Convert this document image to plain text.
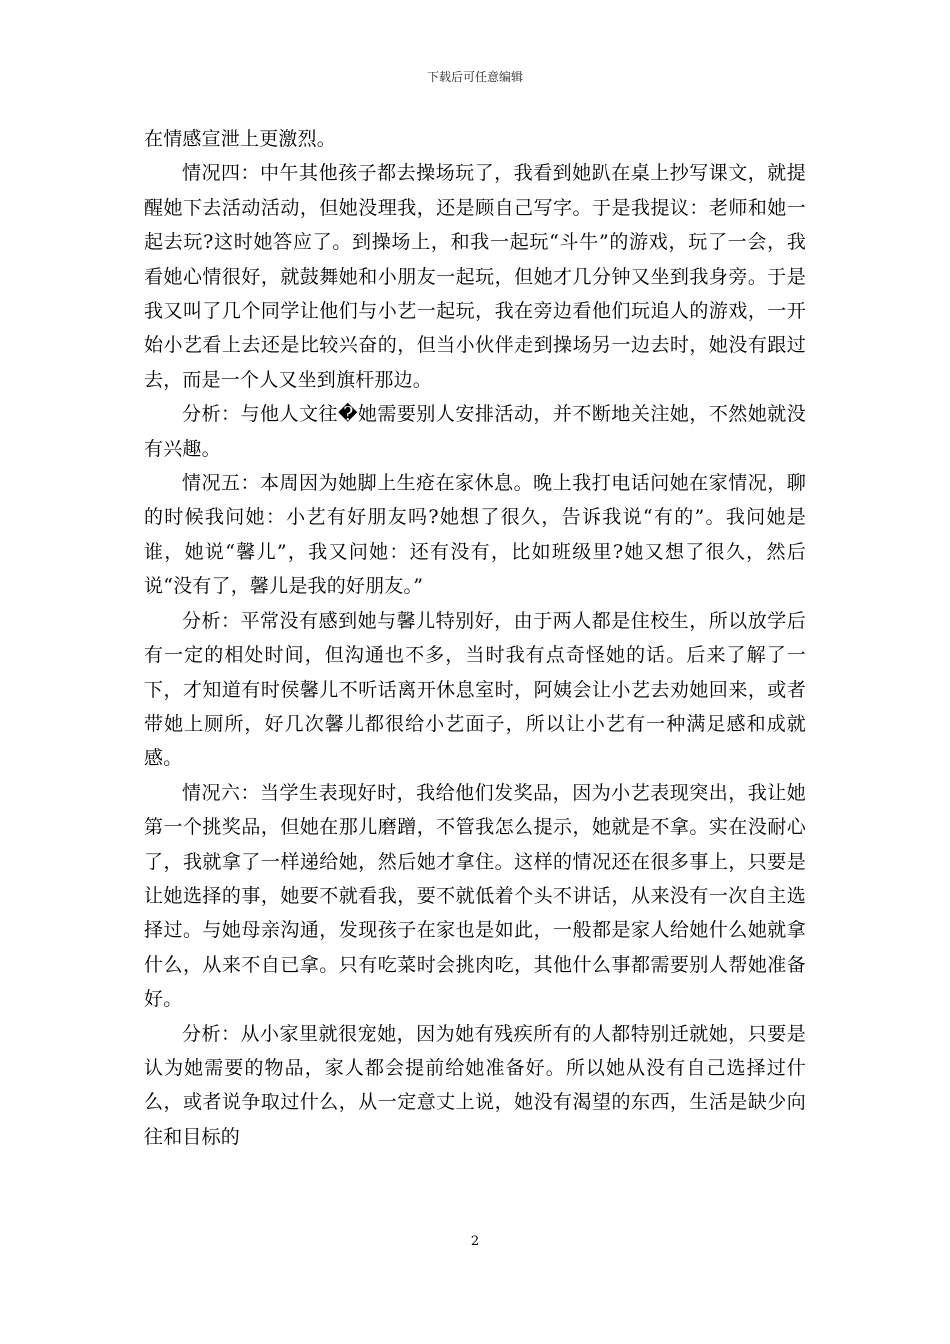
下载后可任意编辑

在情感宣泄上更激烈。

情况四：中午其他孩子都去操场玩了，我看到她趴在桌上抄写课文，就提醒她下去活动活动，但她没理我，还是顾自己写字。于是我提议：老师和她一起去玩?这时她答应了。到操场上，和我一起玩“斗牛”的游戏，玩了一会，我看她心情很好，就鼓舞她和小朋友一起玩，但她才几分钟又坐到我身旁。于是我又叫了几个同学让他们与小艺一起玩，我在旁边看他们玩追人的游戏，一开始小艺看上去还是比较兴奋的，但当小伙伴走到操场另一边去时，她没有跟过去，而是一个人又坐到旗杆那边。

分析：与他人文往�她需要别人安排活动，并不断地关注她，不然她就没有兴趣。

情况五：本周因为她脚上生疮在家休息。晚上我打电话问她在家情况，聊的时候我问她：小艺有好朋友吗?她想了很久，告诉我说“有的”。我问她是谁，她说“馨儿”，我又问她：还有没有，比如班级里?她又想了很久，然后说“没有了，馨儿是我的好朋友。”

分析：平常没有感到她与馨儿特别好，由于两人都是住校生，所以放学后有一定的相处时间，但沟通也不多，当时我有点奇怪她的话。后来了解了一下，才知道有时侯馨儿不听话离开休息室时，阿姨会让小艺去劝她回来，或者带她上厕所，好几次馨儿都很给小艺面子，所以让小艺有一种满足感和成就感。

情况六：当学生表现好时，我给他们发奖品，因为小艺表现突出，我让她第一个挑奖品，但她在那儿磨蹭，不管我怎么提示，她就是不拿。实在没耐心了，我就拿了一样递给她，然后她才拿住。这样的情况还在很多事上，只要是让她选择的事，她要不就看我，要不就低着个头不讲话，从来没有一次自主选择过。与她母亲沟通，发现孩子在家也是如此，一般都是家人给她什么她就拿什么，从来不自已拿。只有吃菜时会挑肉吃，其他什么事都需要别人帮她准备好。

分析：从小家里就很宠她，因为她有残疾所有的人都特别迁就她，只要是认为她需要的物品，家人都会提前给她准备好。所以她从没有自己选择过什么，或者说争取过什么，从一定意丈上说，她没有渴望的东西，生活是缺少向往和目标的

2
